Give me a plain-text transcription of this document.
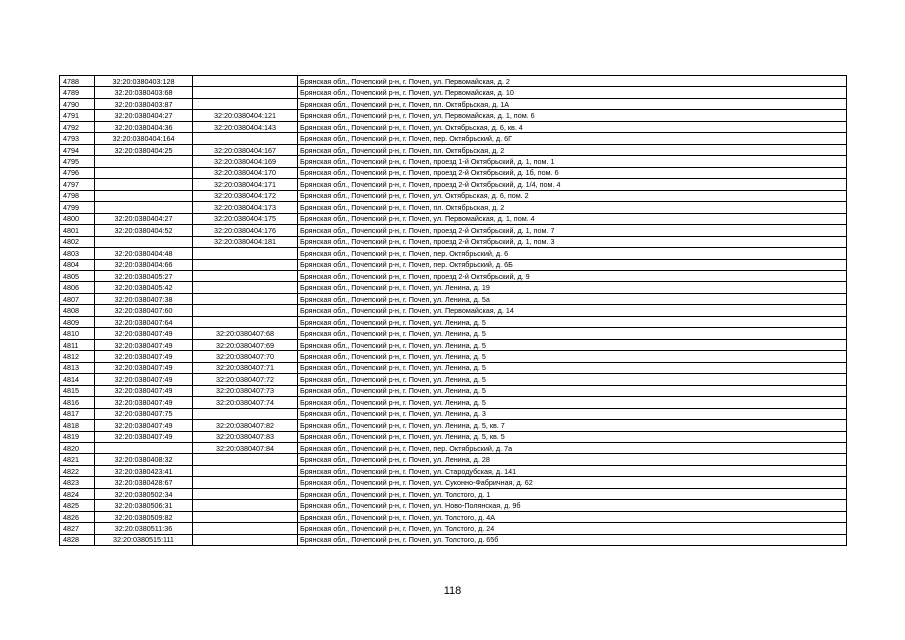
4788	32:20:0380403:128		Брянская обл., Почепский р-н, г. Почеп, ул. Первомайская, д. 2
4789	32:20:0380403:68		Брянская обл., Почепский р-н, г. Почеп, ул. Первомайская, д. 10
4790	32:20:0380403:87		Брянская обл., Почепский р-н, г. Почеп, пл. Октябрьская, д. 1А
4791	32:20:0380404:27	32:20:0380404:121	Брянская обл., Почепский р-н, г. Почеп, ул. Первомайская, д. 1, пом. 6
4792	32:20:0380404:36	32:20:0380404:143	Брянская обл., Почепский р-н, г. Почеп, ул. Октябрьская, д. 6, кв. 4
4793	32:20:0380404:164		Брянская обл., Почепский р-н, г. Почеп, пер. Октябрьский, д. 6Г
4794	32:20:0380404:25	32:20:0380404:167	Брянская обл., Почепский р-н, г. Почеп, пл. Октябрьская, д. 2
4795		32:20:0380404:169	Брянская обл., Почепский р-н, г. Почеп, проезд 1-й Октябрьский, д. 1, пом. 1
4796		32:20:0380404:170	Брянская обл., Почепский р-н, г. Почеп, проезд 2-й Октябрьский, д. 1б, пом. 6
4797		32:20:0380404:171	Брянская обл., Почепский р-н, г. Почеп, проезд 2-й Октябрьский, д. 1/4, пом. 4
4798		32:20:0380404:172	Брянская обл., Почепский р-н, г. Почеп, ул. Октябрьская, д. 6, пом. 2
4799		32:20:0380404:173	Брянская обл., Почепский р-н, г. Почеп, пл. Октябрьская, д. 2
4800	32:20:0380404:27	32:20:0380404:175	Брянская обл., Почепский р-н, г. Почеп, ул. Первомайская, д. 1, пом. 4
4801	32:20:0380404:52	32:20:0380404:176	Брянская обл., Почепский р-н, г. Почеп, проезд 2-й Октябрьский, д. 1, пом. 7
4802		32:20:0380404:181	Брянская обл., Почепский р-н, г. Почеп, проезд 2-й Октябрьский, д. 1, пом. 3
4803	32:20:0380404:48		Брянская обл., Почепский р-н, г. Почеп, пер. Октябрьский, д. 6
4804	32:20:0380404:66		Брянская обл., Почепский р-н, г. Почеп, пер. Октябрьский, д. 6Б
4805	32:20:0380405:27		Брянская обл., Почепский р-н, г. Почеп, проезд 2-й Октябрьский, д. 9
4806	32:20:0380405:42		Брянская обл., Почепский р-н, г. Почеп, ул. Ленина, д. 19
4807	32:20:0380407:38		Брянская обл., Почепский р-н, г. Почеп, ул. Ленина, д. 5а
4808	32:20:0380407:60		Брянская обл., Почепский р-н, г. Почеп, ул. Первомайская, д. 14
4809	32:20:0380407:64		Брянская обл., Почепский р-н, г. Почеп, ул. Ленина, д. 5
4810	32:20:0380407:49	32:20:0380407:68	Брянская обл., Почепский р-н, г. Почеп, ул. Ленина, д. 5
4811	32:20:0380407:49	32:20:0380407:69	Брянская обл., Почепский р-н, г. Почеп, ул. Ленина, д. 5
4812	32:20:0380407:49	32:20:0380407:70	Брянская обл., Почепский р-н, г. Почеп, ул. Ленина, д. 5
4813	32:20:0380407:49	32:20:0380407:71	Брянская обл., Почепский р-н, г. Почеп, ул. Ленина, д. 5
4814	32:20:0380407:49	32:20:0380407:72	Брянская обл., Почепский р-н, г. Почеп, ул. Ленина, д. 5
4815	32:20:0380407:49	32:20:0380407:73	Брянская обл., Почепский р-н, г. Почеп, ул. Ленина, д. 5
4816	32:20:0380407:49	32:20:0380407:74	Брянская обл., Почепский р-н, г. Почеп, ул. Ленина, д. 5
4817	32:20:0380407:75		Брянская обл., Почепский р-н, г. Почеп, ул. Ленина, д. 3
4818	32:20:0380407:49	32:20:0380407:82	Брянская обл., Почепский р-н, г. Почеп, ул. Ленина, д. 5, кв. 7
4819	32:20:0380407:49	32:20:0380407:83	Брянская обл., Почепский р-н, г. Почеп, ул. Ленина, д. 5, кв. 5
4820		32:20:0380407:84	Брянская обл., Почепский р-н, г. Почеп, пер. Октябрьский, д. 7а
4821	32:20:0380408:32		Брянская обл., Почепский р-н, г. Почеп, ул. Ленина, д. 28
4822	32:20:0380423:41		Брянская обл., Почепский р-н, г. Почеп, ул. Стародубская, д. 141
4823	32:20:0380428:67		Брянская обл., Почепский р-н, г. Почеп, ул. Суконно-Фабричная, д. 62
4824	32:20:0380502:34		Брянская обл., Почепский р-н, г. Почеп, ул. Толстого, д. 1
4825	32:20:0380506:31		Брянская обл., Почепский р-н, г. Почеп, ул. Ново-Полянская, д. 9б
4826	32:20:0380509:82		Брянская обл., Почепский р-н, г. Почеп, ул. Толстого, д. 4А
4827	32:20:0380511:36		Брянская обл., Почепский р-н, г. Почеп, ул. Толстого, д. 24
4828	32:20:0380515:111		Брянская обл., Почепский р-н, г. Почеп, ул. Толстого, д. 65б
118
